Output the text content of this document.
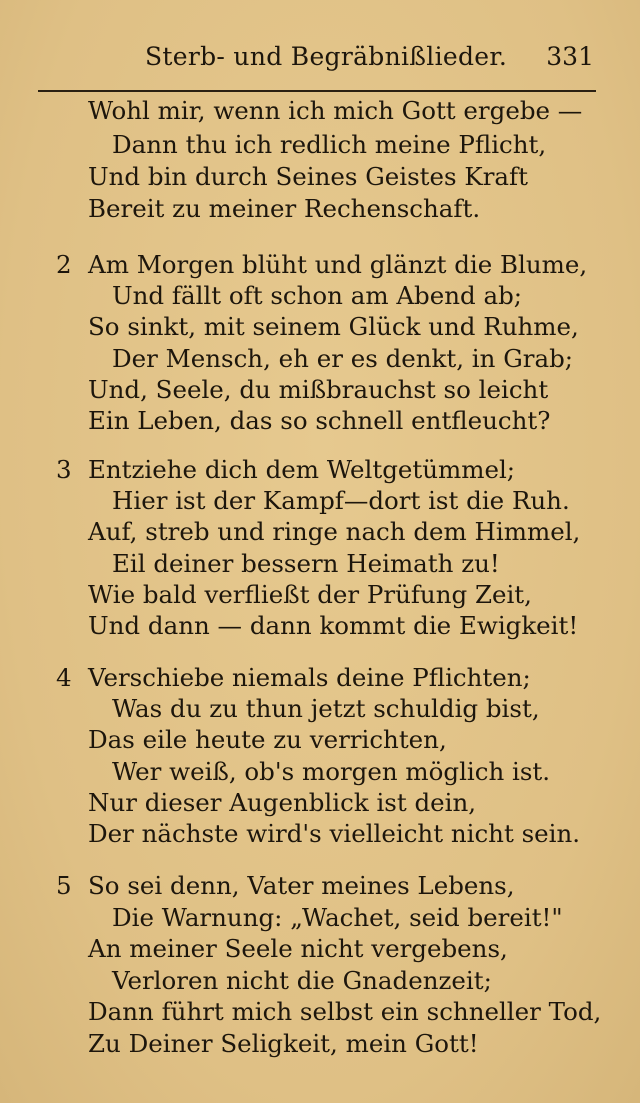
Sterb- und Begräbnißlieder. 331
Wohl mir, wenn ich mich Gott ergebe —
Dann thu ich redlich meine Pflicht,
Und bin durch Seines Geistes Kraft
Bereit zu meiner Rechenschaft.
2 Am Morgen blüht und glänzt die Blume,
Und fällt oft schon am Abend ab;
So sinkt, mit seinem Glück und Ruhme,
Der Mensch, eh er es denkt, in Grab;
Und, Seele, du mißbrauchst so leicht
Ein Leben, das so schnell entfleucht?
3 Entziehe dich dem Weltgetümmel;
Hier ist der Kampf—dort ist die Ruh.
Auf, streb und ringe nach dem Himmel,
Eil deiner bessern Heimath zu!
Wie bald verfließt der Prüfung Zeit,
Und dann — dann kommt die Ewigkeit!
4 Verschiebe niemals deine Pflichten;
Was du zu thun jetzt schuldig bist,
Das eile heute zu verrichten,
Wer weiß, ob's morgen möglich ist.
Nur dieser Augenblick ist dein,
Der nächste wird's vielleicht nicht sein.
5 So sei denn, Vater meines Lebens,
Die Warnung: „Wachet, seid bereit!"
An meiner Seele nicht vergebens,
Verloren nicht die Gnadenzeit;
Dann führt mich selbst ein schneller Tod,
Zu Deiner Seligkeit, mein Gott!
